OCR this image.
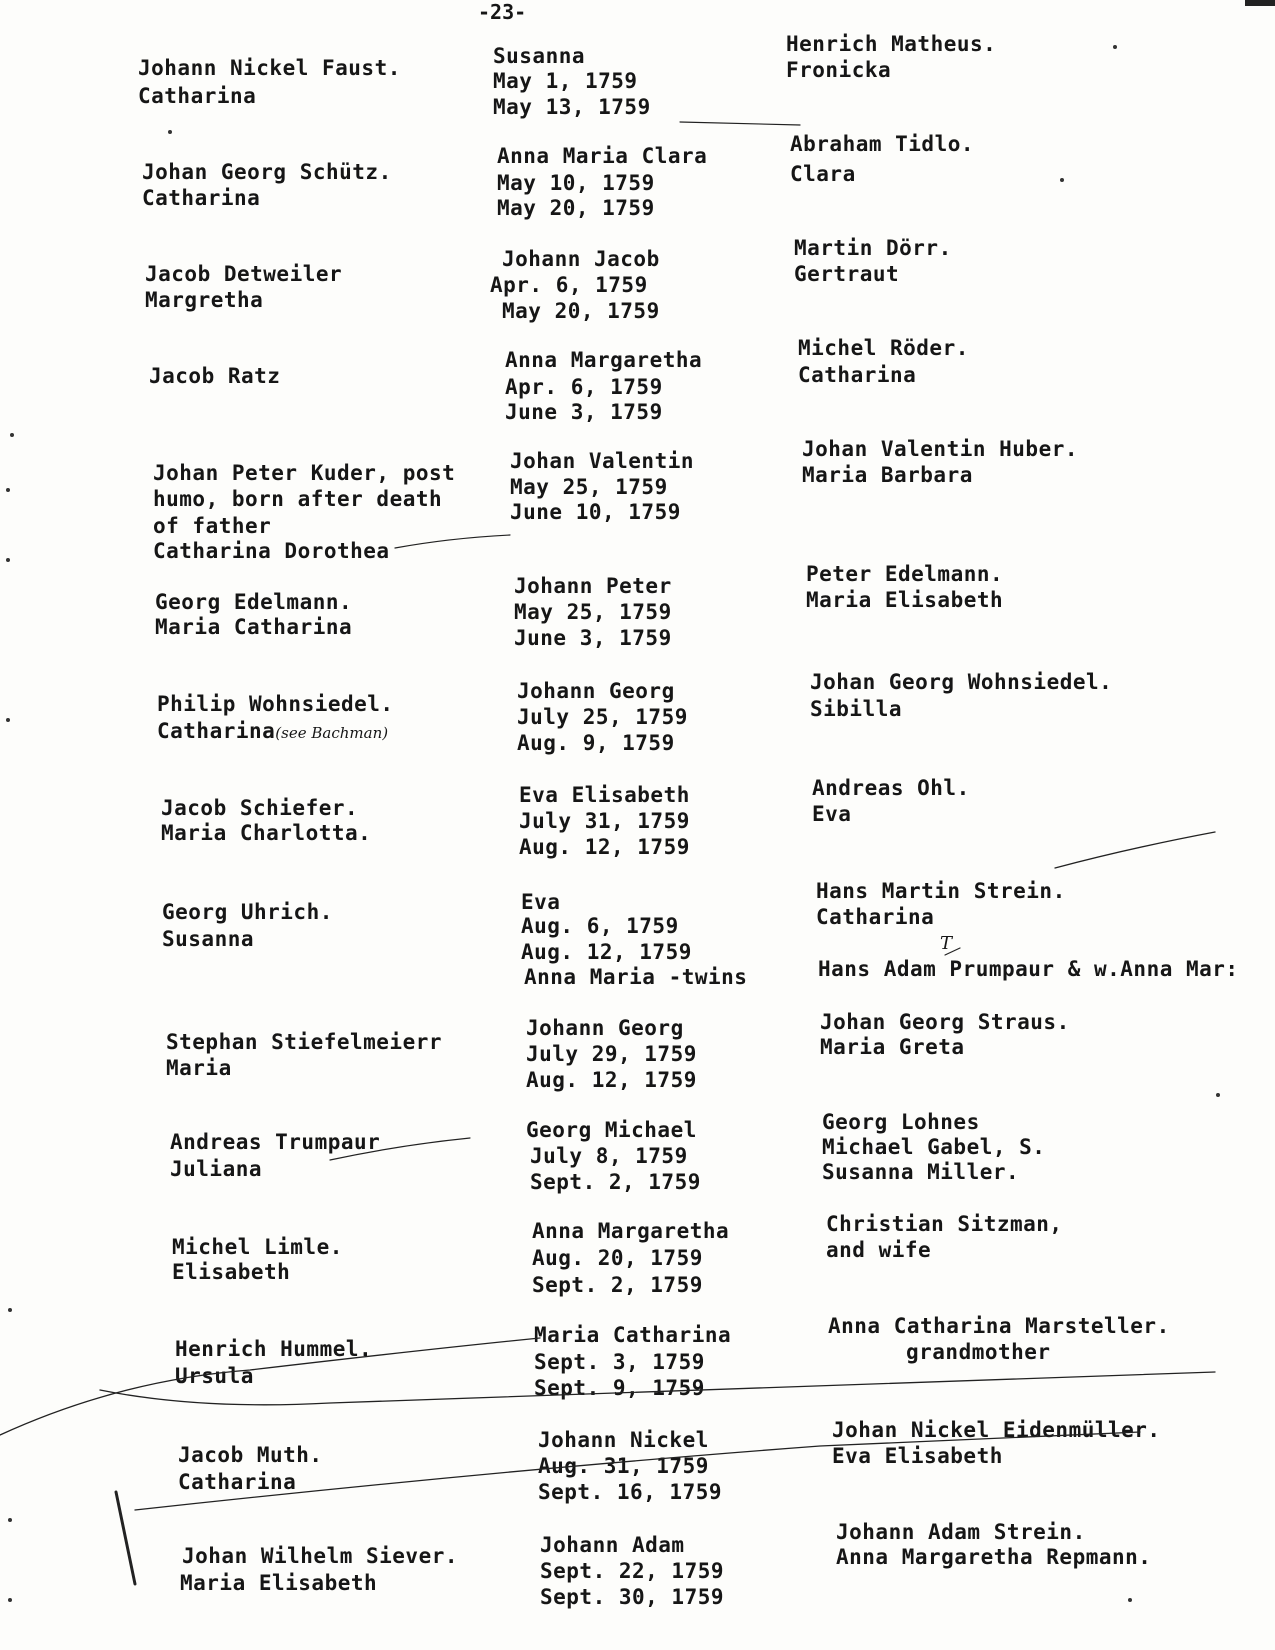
-23-
Johann Nickel Faust.
Catharina
Susanna
May 1, 1759
May 13, 1759
Henrich Matheus.
Fronicka
Johan Georg Schütz.
Catharina
Anna Maria Clara
May 10, 1759
May 20, 1759
Abraham Tidlo.
Clara
Jacob Detweiler
Margretha
Johann Jacob
Apr. 6, 1759
May 20, 1759
Martin Dörr.
Gertraut
Jacob Ratz
Anna Margaretha
Apr. 6, 1759
June 3, 1759
Michel Röder.
Catharina
Johan Peter Kuder, post
humo, born after death
of father
Catharina Dorothea
Johan Valentin
May 25, 1759
June 10, 1759
Johan Valentin Huber.
Maria Barbara
Georg Edelmann.
Maria Catharina
Johann Peter
May 25, 1759
June 3, 1759
Peter Edelmann.
Maria Elisabeth
Philip Wohnsiedel.
Catharina(see Bachman)
Johann Georg
July 25, 1759
Aug. 9, 1759
Johan Georg Wohnsiedel.
Sibilla
Jacob Schiefer.
Maria Charlotta.
Eva Elisabeth
July 31, 1759
Aug. 12, 1759
Andreas Ohl.
Eva
Georg Uhrich.
Susanna
Eva
Aug. 6, 1759
Aug. 12, 1759
Anna Maria -twins
Hans Martin Strein.
Catharina
Hans Adam Prumpaur & w.Anna Mar:
T
Stephan Stiefelmeierr
Maria
Johann Georg
July 29, 1759
Aug. 12, 1759
Johan Georg Straus.
Maria Greta
Andreas Trumpaur
Juliana
Georg Michael
July 8, 1759
Sept. 2, 1759
Georg Lohnes
Michael Gabel, S.
Susanna Miller.
Michel Limle.
Elisabeth
Anna Margaretha
Aug. 20, 1759
Sept. 2, 1759
Christian Sitzman,
and wife
Henrich Hummel.
Ursula
Maria Catharina
Sept. 3, 1759
Sept. 9, 1759
Anna Catharina Marsteller.
grandmother
Jacob Muth.
Catharina
Johann Nickel
Aug. 31, 1759
Sept. 16, 1759
Johan Nickel Eidenmüller.
Eva Elisabeth
Johan Wilhelm Siever.
Maria Elisabeth
Johann Adam
Sept. 22, 1759
Sept. 30, 1759
Johann Adam Strein.
Anna Margaretha Repmann.
